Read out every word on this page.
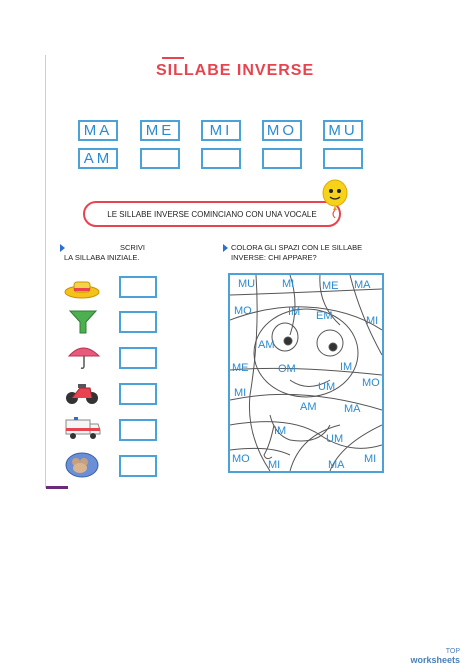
SILLABE INVERSE
MA	ME	MI	MO	MU
AM
LE SILLABE INVERSE COMINCIANO CON UNA VOCALE
SCRIVI
LA SILLABA INIZIALE.
COLORA GLI SPAZI CON LE SILLABE
INVERSE: CHI APPARE?
MU MI	ME MA
MO	IM EM	MI
AM
ME	OM	IM
UM MO
MI
AM	MA
IM
UM
MO MI	MA MI
TOP
worksheets
